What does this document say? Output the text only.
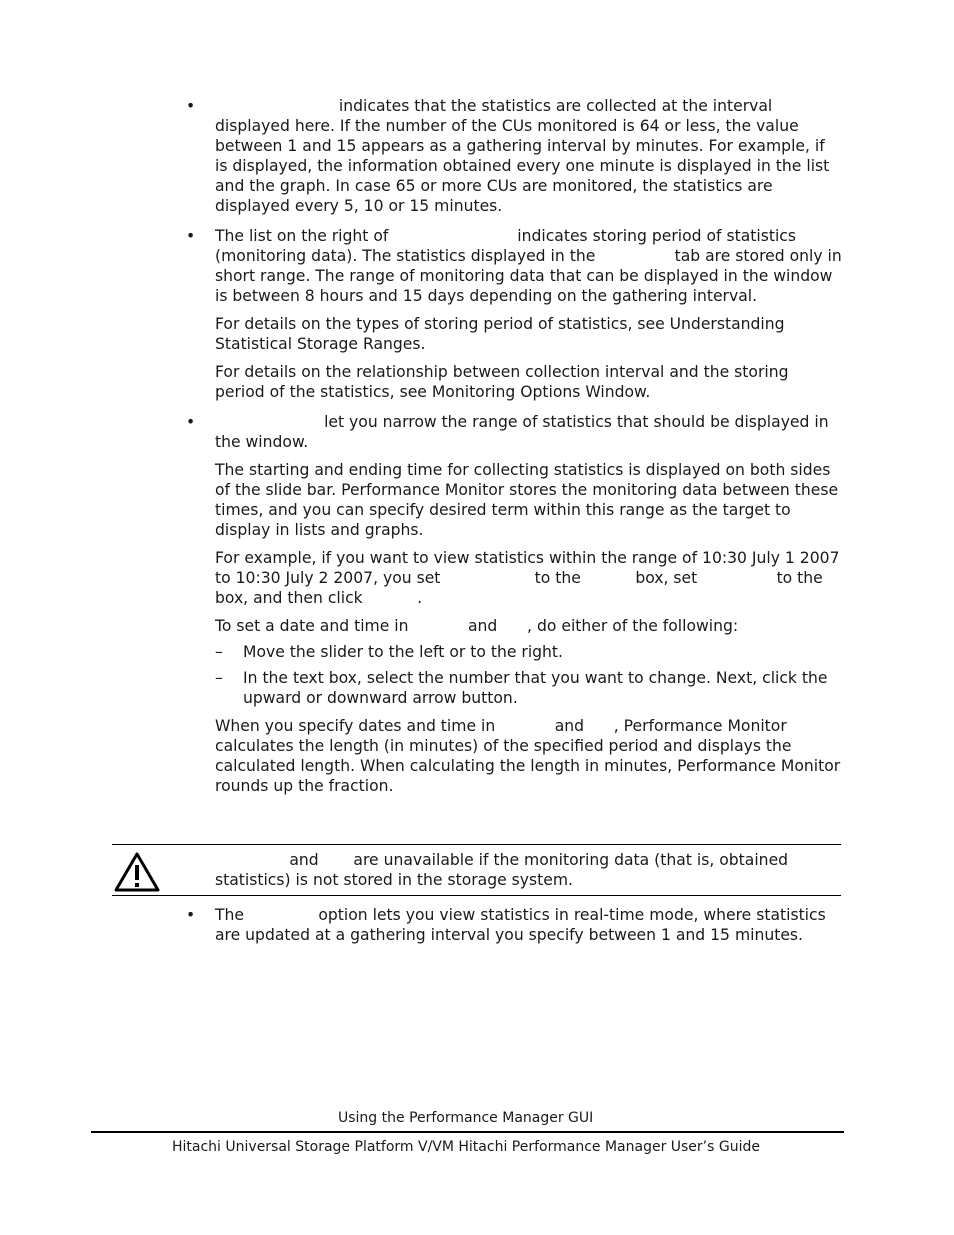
• indicates that the statistics are collected at the interval displayed here. If the number of the CUs monitored is 64 or less, the value between 1 and 15 appears as a gathering interval by minutes. For example, if            is displayed, the information obtained every one minute is displayed in the list and the graph. In case 65 or more CUs are monitored, the statistics are displayed every 5, 10 or 15 minutes.

• The list on the right of                          indicates storing period of statistics (monitoring data). The statistics displayed in the                tab are stored only in short range. The range of monitoring data that can be displayed in the window is between 8 hours and 15 days depending on the gathering interval.

For details on the types of storing period of statistics, see Understanding Statistical Storage Ranges.

For details on the relationship between collection interval and the storing period of the statistics, see Monitoring Options Window.

• let you narrow the range of statistics that should be displayed in the window.

The starting and ending time for collecting statistics is displayed on both sides of the slide bar. Performance Monitor stores the monitoring data between these times, and you can specify desired term within this range as the target to display in lists and graphs.

For example, if you want to view statistics within the range of 10:30 July 1 2007 to 10:30 July 2 2007, you set                   to the           box, set                to the       box, and then click           .

To set a date and time in            and      , do either of the following:

– Move the slider to the left or to the right.
– In the text box, select the number that you want to change. Next, click the upward or downward arrow button.

When you specify dates and time in            and      , Performance Monitor calculates the length (in minutes) of the specified period and displays the calculated length. When calculating the length in minutes, Performance Monitor rounds up the fraction.

and       are unavailable if the monitoring data (that is, obtained statistics) is not stored in the storage system.

• The               option lets you view statistics in real-time mode, where statistics are updated at a gathering interval you specify between 1 and 15 minutes.

Using the Performance Manager GUI
Hitachi Universal Storage Platform V/VM Hitachi Performance Manager User’s Guide
